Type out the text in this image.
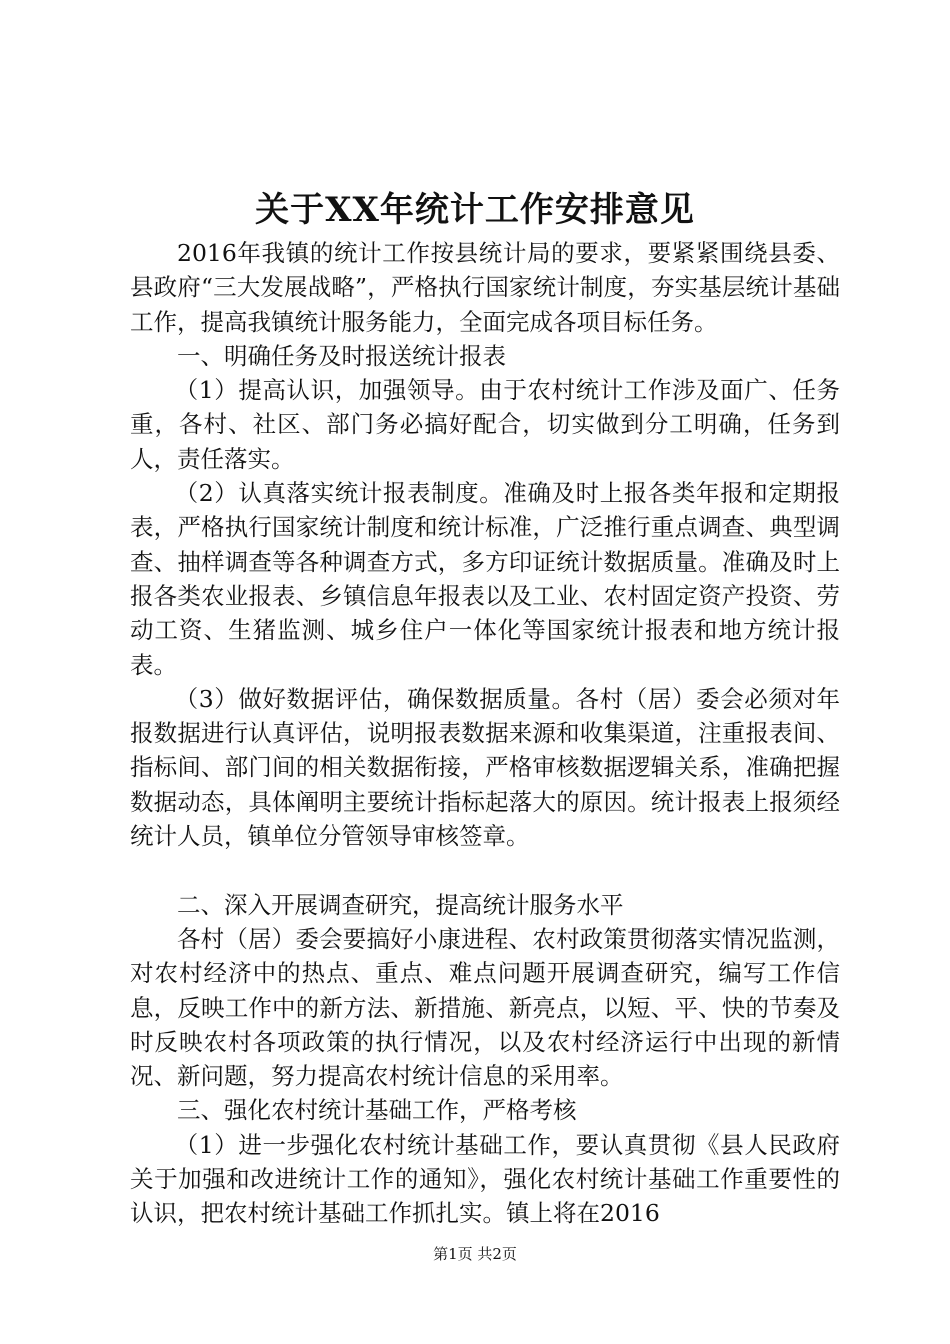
关于XX年统计工作安排意见

2016年我镇的统计工作按县统计局的要求，要紧紧围绕县委、县政府“三大发展战略”，严格执行国家统计制度，夯实基层统计基础工作，提高我镇统计服务能力，全面完成各项目标任务。

一、明确任务及时报送统计报表

（1）提高认识，加强领导。由于农村统计工作涉及面广、任务重，各村、社区、部门务必搞好配合，切实做到分工明确，任务到人，责任落实。

（2）认真落实统计报表制度。准确及时上报各类年报和定期报表，严格执行国家统计制度和统计标准，广泛推行重点调查、典型调查、抽样调查等各种调查方式，多方印证统计数据质量。准确及时上报各类农业报表、乡镇信息年报表以及工业、农村固定资产投资、劳动工资、生猪监测、城乡住户一体化等国家统计报表和地方统计报表。

（3）做好数据评估，确保数据质量。各村（居）委会必须对年报数据进行认真评估，说明报表数据来源和收集渠道，注重报表间、指标间、部门间的相关数据衔接，严格审核数据逻辑关系，准确把握数据动态，具体阐明主要统计指标起落大的原因。统计报表上报须经统计人员，镇单位分管领导审核签章。

二、深入开展调查研究，提高统计服务水平

各村（居）委会要搞好小康进程、农村政策贯彻落实情况监测，对农村经济中的热点、重点、难点问题开展调查研究，编写工作信息，反映工作中的新方法、新措施、新亮点，以短、平、快的节奏及时反映农村各项政策的执行情况，以及农村经济运行中出现的新情况、新问题，努力提高农村统计信息的采用率。

三、强化农村统计基础工作，严格考核

（1）进一步强化农村统计基础工作，要认真贯彻《县人民政府关于加强和改进统计工作的通知》，强化农村统计基础工作重要性的认识，把农村统计基础工作抓扎实。镇上将在2016

第1页 共2页
